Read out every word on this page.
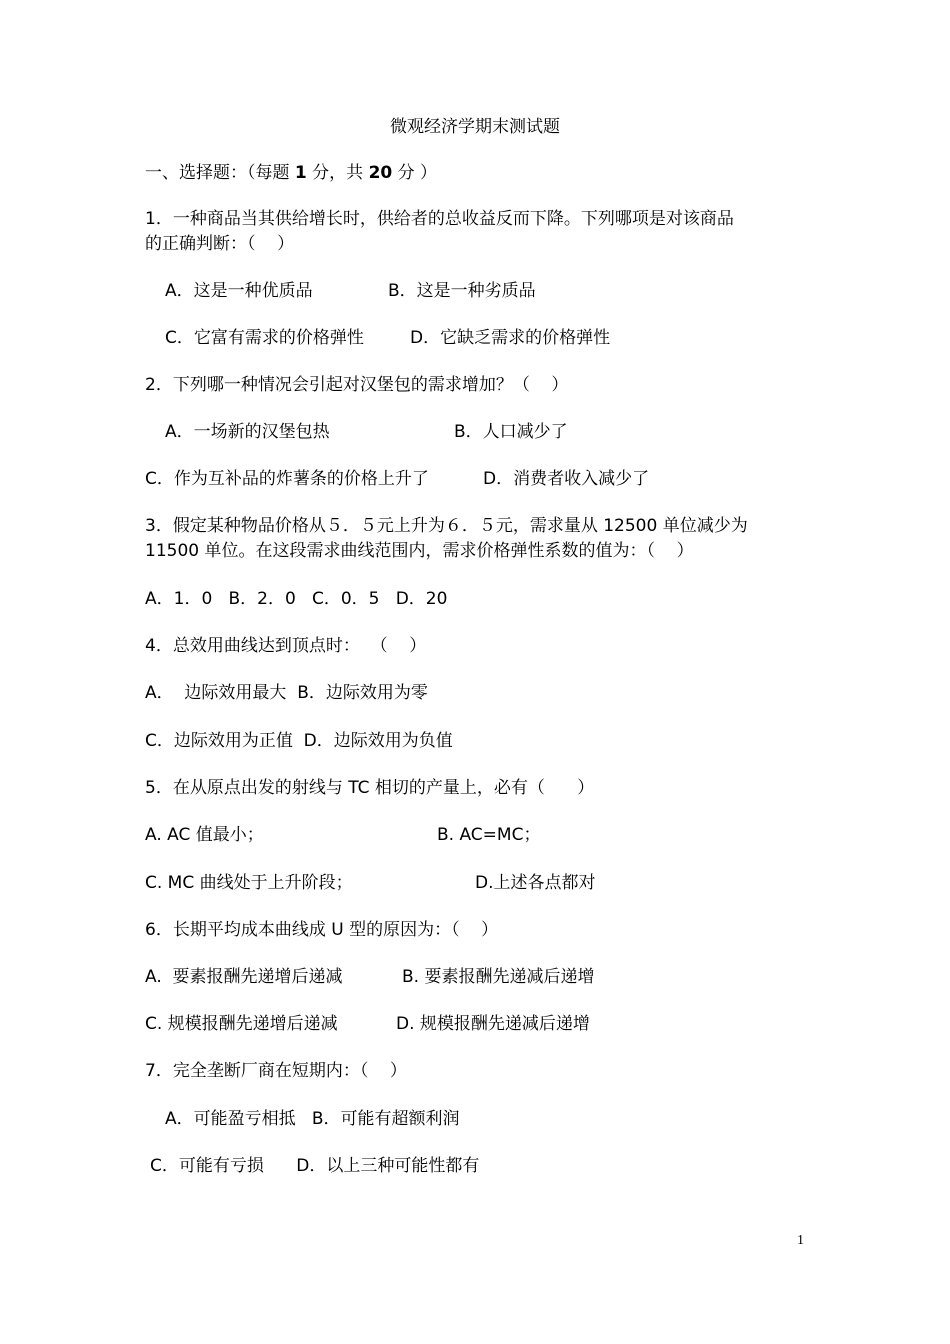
微观经济学期末测试题
一、选择题：（每题 1 分，共 20 分 ）
1．一种商品当其供给增长时，供给者的总收益反而下降。下列哪项是对该商品
的正确判断：（    ）
A．这是一种优质品	B．这是一种劣质品
C．它富有需求的价格弹性	D．它缺乏需求的价格弹性
2．下列哪一种情况会引起对汉堡包的需求增加？（    ）
A．一场新的汉堡包热	B．人口减少了
C．作为互补品的炸薯条的价格上升了	D．消费者收入减少了
3．假定某种物品价格从５．５元上升为６．５元，需求量从 12500 单位减少为
11500 单位。在这段需求曲线范围内，需求价格弹性系数的值为：（    ）
A．1．0   B．2．0   C．0．5   D．20
4．总效用曲线达到顶点时：  （    ）
A．  边际效用最大  B．边际效用为零
C．边际效用为正值  D．边际效用为负值
5．在从原点出发的射线与 TC 相切的产量上，必有（      ）
A. AC 值最小；	B. AC=MC；
C. MC 曲线处于上升阶段；	D.上述各点都对
6．长期平均成本曲线成 U 型的原因为：（    ）
A.  要素报酬先递增后递减	B. 要素报酬先递减后递增
C. 规模报酬先递增后递减	D. 规模报酬先递减后递增
7．完全垄断厂商在短期内：（    ）
A．可能盈亏相抵   B．可能有超额利润
C．可能有亏损      D．以上三种可能性都有
1
